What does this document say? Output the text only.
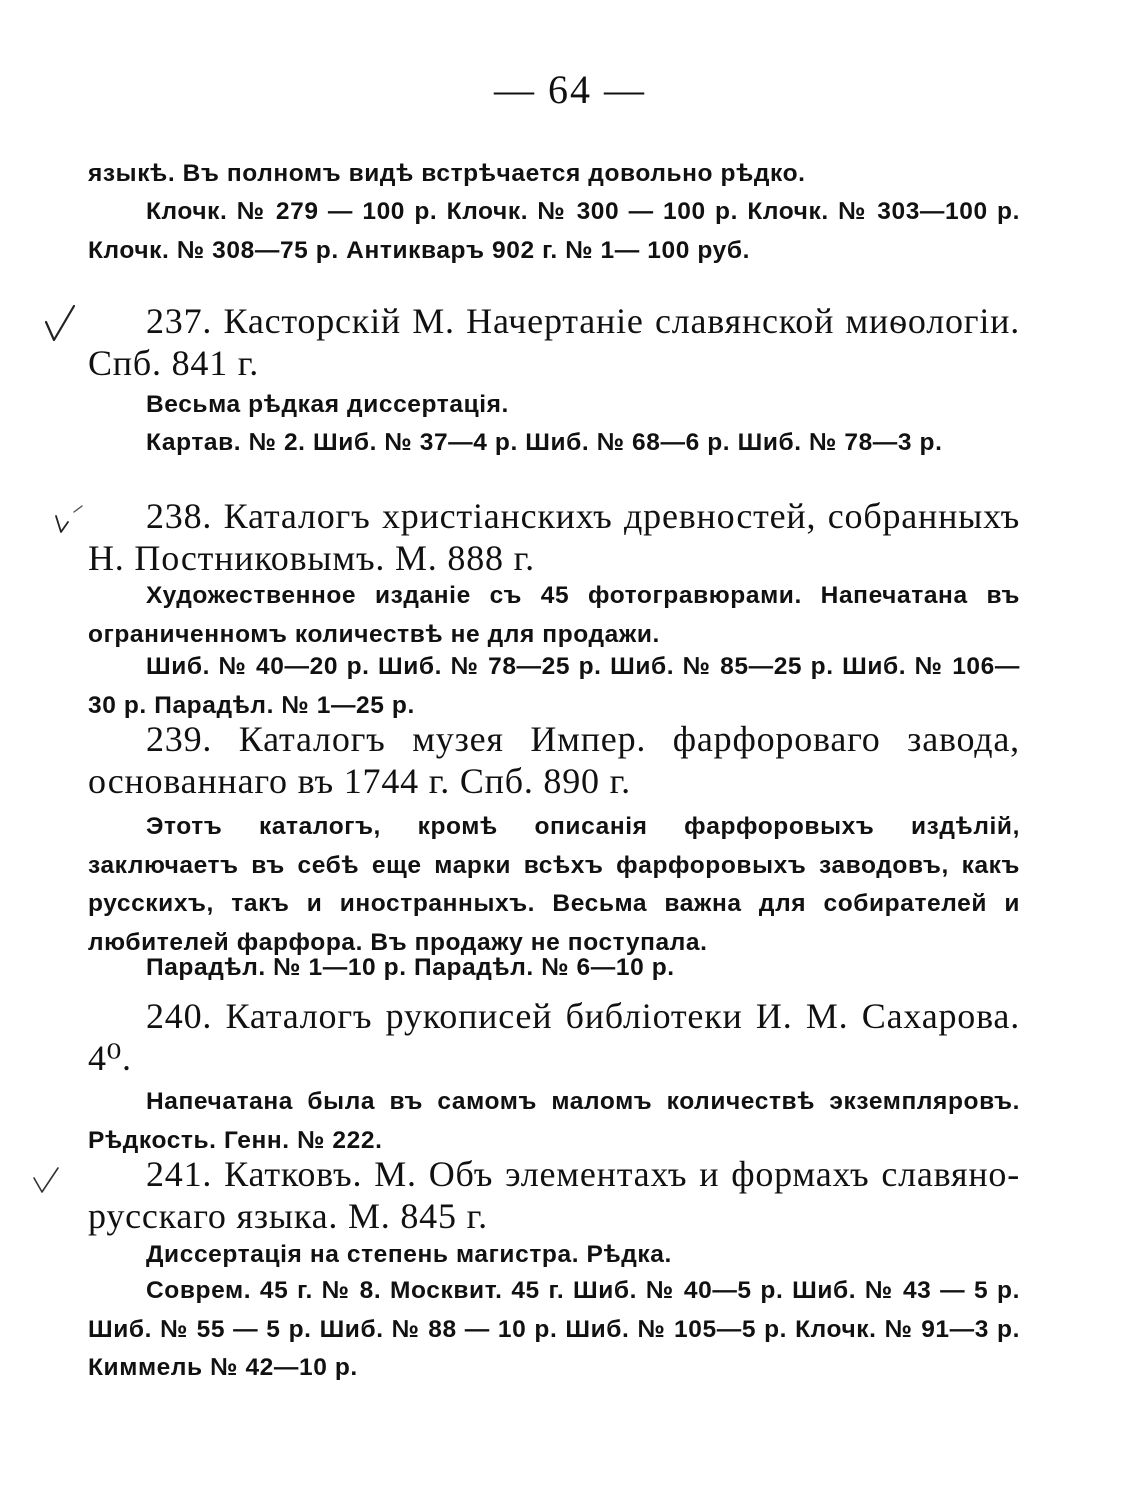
— 64 —
языкѣ. Въ полномъ видѣ встрѣчается довольно рѣдко.
Клочк. № 279 — 100 р. Клочк. № 300 — 100 р. Клочк. № 303—100 р. Клочк. № 308—75 р. Антикваръ 902 г. № 1— 100 руб.
237. Касторскій М. Начертаніе славянской миѳологіи. Спб. 841 г.
Весьма рѣдкая диссертація.
Картав. № 2. Шиб. № 37—4 р. Шиб. № 68—6 р. Шиб. № 78—3 р.
238. Каталогъ христіанскихъ древностей, собранныхъ Н. Постниковымъ. М. 888 г.
Художественное изданіе съ 45 фотогравюрами. Напечатана въ ограниченномъ количествѣ не для продажи.
Шиб. № 40—20 р. Шиб. № 78—25 р. Шиб. № 85—25 р. Шиб. № 106—30 р. Парадѣл. № 1—25 р.
239. Каталогъ музея Импер. фарфороваго завода, основаннаго въ 1744 г. Спб. 890 г.
Этотъ каталогъ, кромѣ описанія фарфоровыхъ издѣлій, заключаетъ въ себѣ еще марки всѣхъ фарфоровыхъ заводовъ, какъ русскихъ, такъ и иностранныхъ. Весьма важна для собирателей и любителей фарфора. Въ продажу не поступала.
Парадѣл. № 1—10 р. Парадѣл. № 6—10 р.
240. Каталогъ рукописей библіотеки И. М. Сахарова. 4⁰.
Напечатана была въ самомъ маломъ количествѣ экземпляровъ. Рѣдкость. Генн. № 222.
241. Катковъ. М. Объ элементахъ и формахъ славяно-русскаго языка. М. 845 г.
Диссертація на степень магистра. Рѣдка.
Соврем. 45 г. № 8. Москвит. 45 г. Шиб. № 40—5 р. Шиб. № 43 — 5 р. Шиб. № 55 — 5 р. Шиб. № 88 — 10 р. Шиб. № 105—5 р. Клочк. № 91—3 р. Киммель № 42—10 р.
